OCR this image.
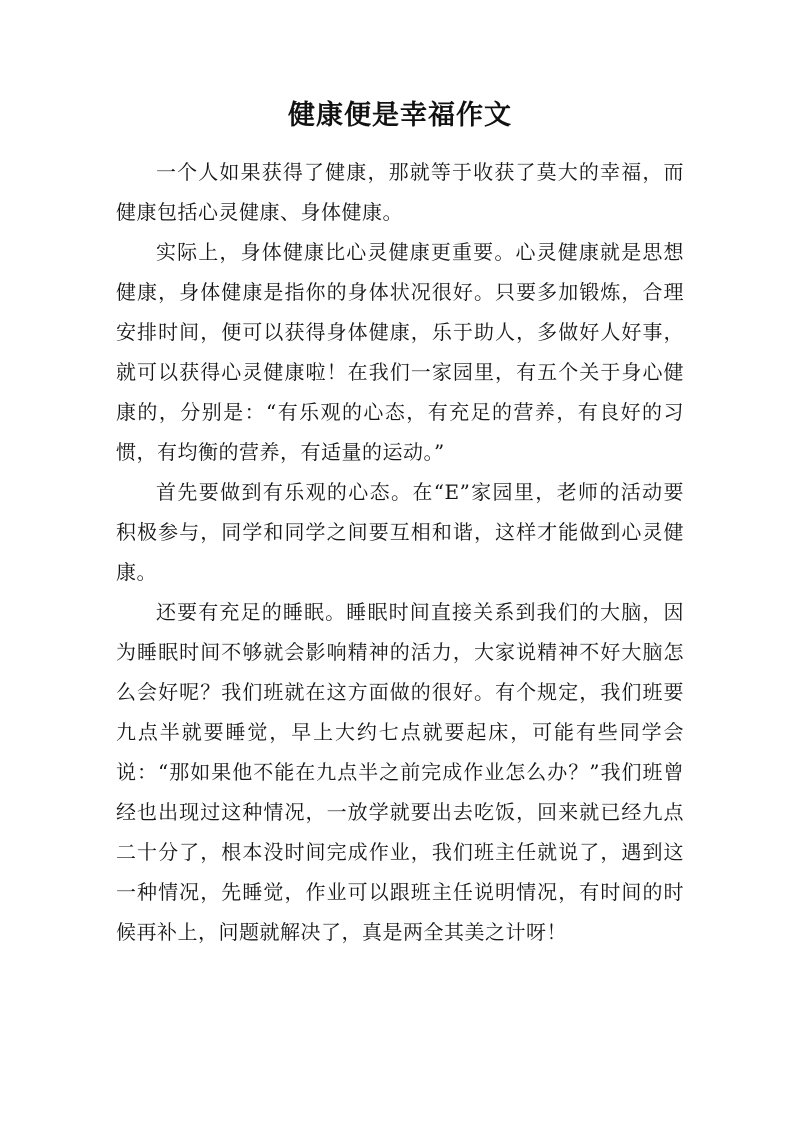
健康便是幸福作文

一个人如果获得了健康，那就等于收获了莫大的幸福，而健康包括心灵健康、身体健康。

实际上，身体健康比心灵健康更重要。心灵健康就是思想健康，身体健康是指你的身体状况很好。只要多加锻炼，合理安排时间，便可以获得身体健康，乐于助人，多做好人好事，就可以获得心灵健康啦！在我们一家园里，有五个关于身心健康的，分别是：“有乐观的心态，有充足的营养，有良好的习惯，有均衡的营养，有适量的运动。”

首先要做到有乐观的心态。在“E”家园里，老师的活动要积极参与，同学和同学之间要互相和谐，这样才能做到心灵健康。

还要有充足的睡眠。睡眠时间直接关系到我们的大脑，因为睡眠时间不够就会影响精神的活力，大家说精神不好大脑怎么会好呢？我们班就在这方面做的很好。有个规定，我们班要九点半就要睡觉，早上大约七点就要起床，可能有些同学会说：“那如果他不能在九点半之前完成作业怎么办？”我们班曾经也出现过这种情况，一放学就要出去吃饭，回来就已经九点二十分了，根本没时间完成作业，我们班主任就说了，遇到这一种情况，先睡觉，作业可以跟班主任说明情况，有时间的时候再补上，问题就解决了，真是两全其美之计呀！
